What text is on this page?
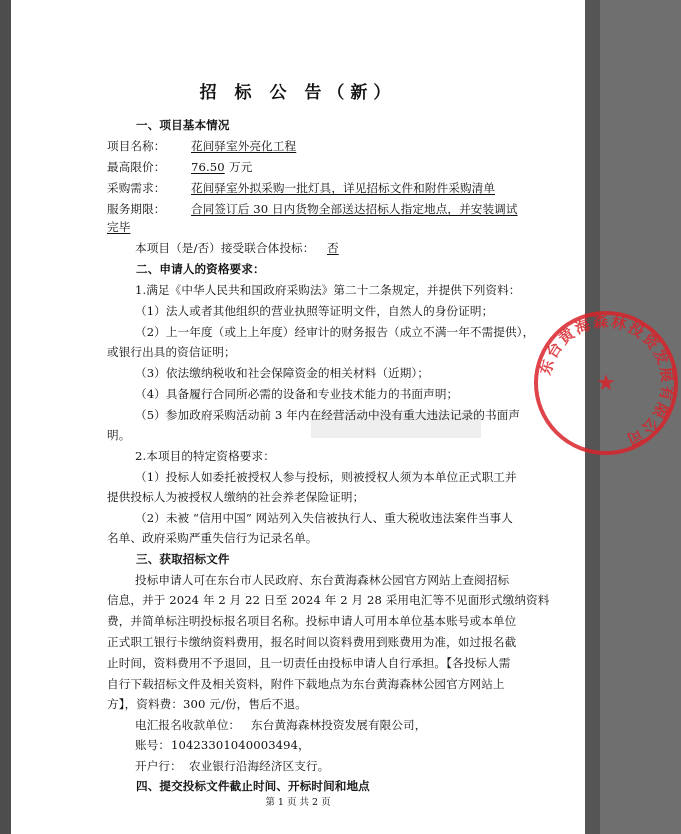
招 标 公 告（新）
一、项目基本情况
项目名称： 花间驿室外亮化工程
最高限价： 76.50 万元
采购需求： 花间驿室外拟采购一批灯具，详见招标文件和附件采购清单
服务期限： 合同签订后 30 日内货物全部送达招标人指定地点，并安装调试
完毕
本项目（是/否）接受联合体投标： 否
二、申请人的资格要求：
1.满足《中华人民共和国政府采购法》第二十二条规定，并提供下列资料：
（1）法人或者其他组织的营业执照等证明文件，自然人的身份证明；
（2）上一年度（或上上年度）经审计的财务报告（成立不满一年不需提供），
或银行出具的资信证明；
（3）依法缴纳税收和社会保障资金的相关材料（近期）；
（4）具备履行合同所必需的设备和专业技术能力的书面声明；
（5）参加政府采购活动前 3 年内在经营活动中没有重大违法记录的书面声
明。
2.本项目的特定资格要求：
（1）投标人如委托被授权人参与投标，则被授权人须为本单位正式职工并
提供投标人为被授权人缴纳的社会养老保险证明；
（2）未被 “信用中国” 网站列入失信被执行人、重大税收违法案件当事人
名单、政府采购严重失信行为记录名单。
三、获取招标文件
投标申请人可在东台市人民政府、东台黄海森林公园官方网站上查阅招标
信息，并于 2024 年 2 月 22 日至 2024 年 2 月 28 采用电汇等不见面形式缴纳资料
费，并简单标注明投标报名项目名称。投标申请人可用本单位基本账号或本单位
正式职工银行卡缴纳资料费用，报名时间以资料费用到账费用为准，如过报名截
止时间，资料费用不予退回，且一切责任由投标申请人自行承担。【各投标人需
自行下载招标文件及相关资料，附件下载地点为东台黄海森林公园官方网站上
方】，资料费：300 元/份，售后不退。
电汇报名收款单位： 东台黄海森林投资发展有限公司，
账号： 10423301040003494，
开户行： 农业银行沿海经济区支行。
四、提交投标文件截止时间、开标时间和地点
第 1 页 共 2 页
东台黄海森林投资发展有限公司
★
